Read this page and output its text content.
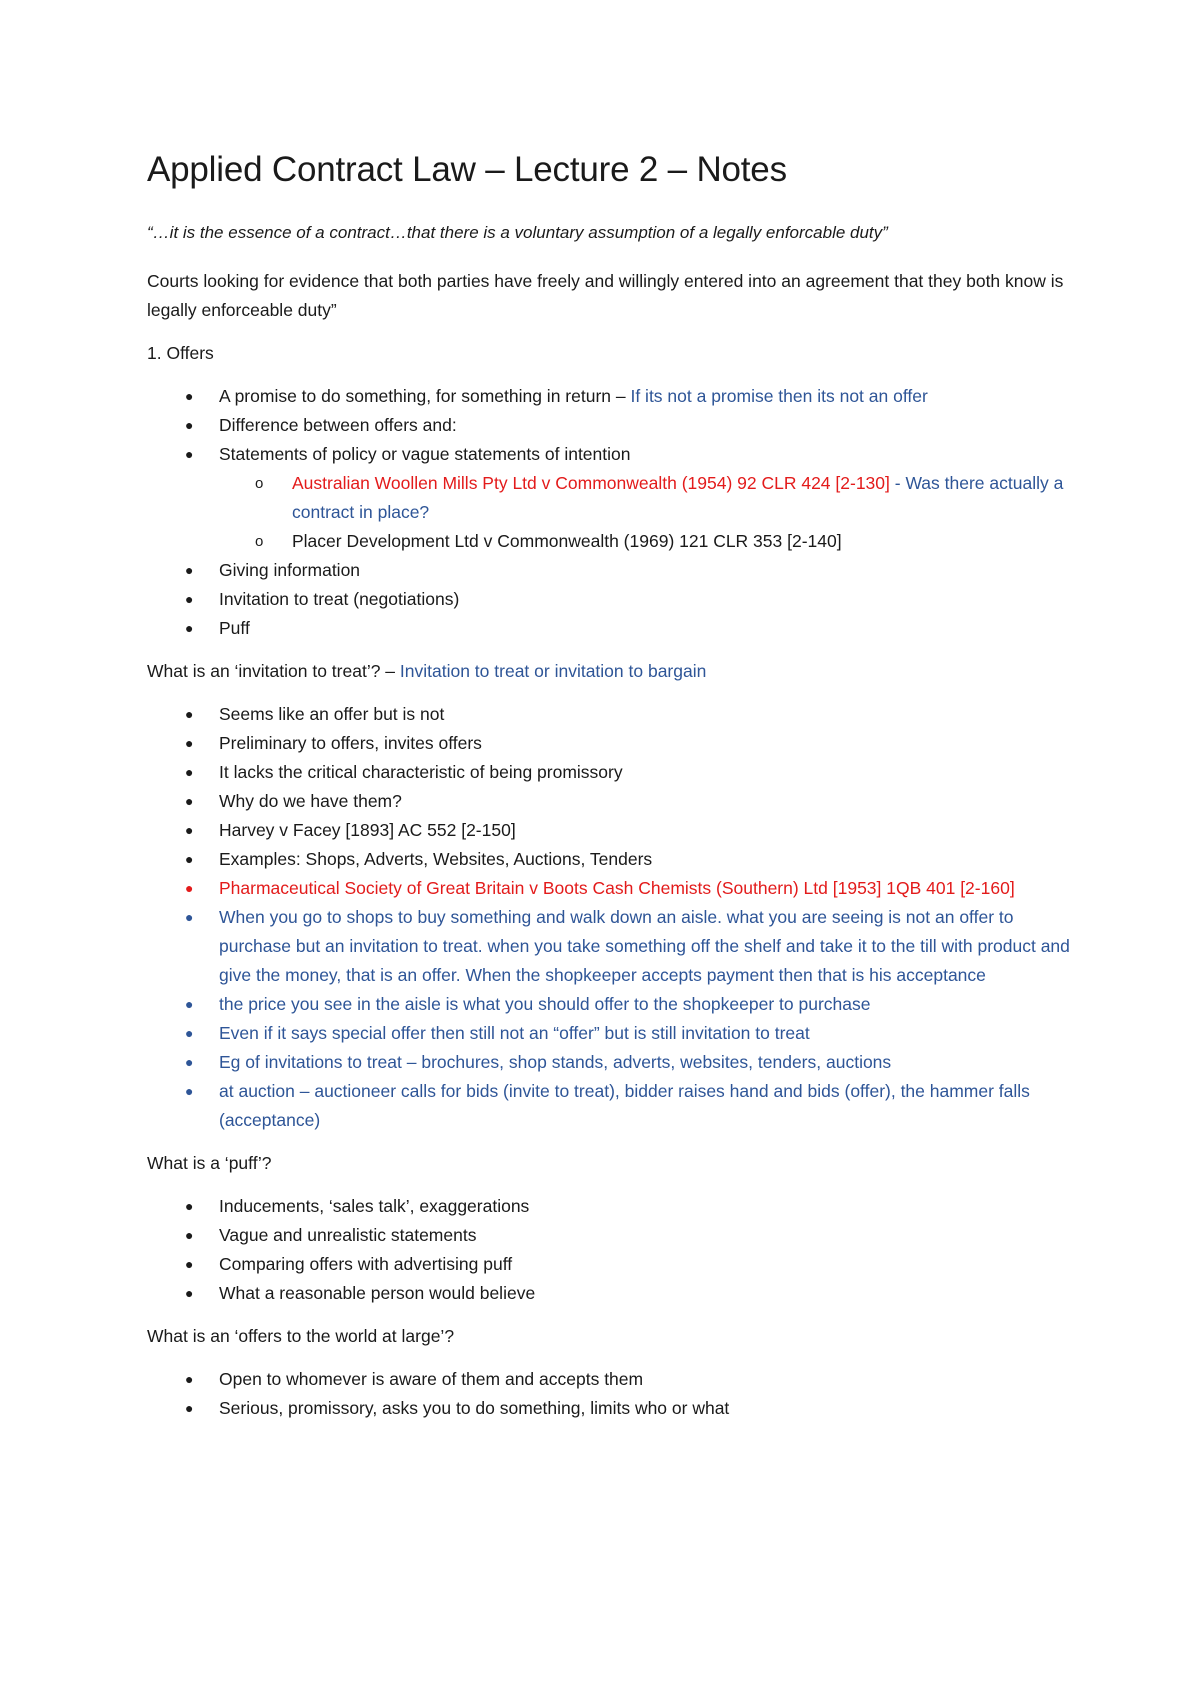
Applied Contract Law – Lecture 2 – Notes

“…it is the essence of a contract…that there is a voluntary assumption of a legally enforcable duty”

Courts looking for evidence that both parties have freely and willingly entered into an agreement that they both know is legally enforceable duty”

1. Offers

● A promise to do something, for something in return – If its not a promise then its not an offer
● Difference between offers and:
● Statements of policy or vague statements of intention
o Australian Woollen Mills Pty Ltd v Commonwealth (1954) 92 CLR 424 [2-130] - Was there actually a contract in place?
o Placer Development Ltd v Commonwealth (1969) 121 CLR 353 [2-140]
● Giving information
● Invitation to treat (negotiations)
● Puff

What is an ‘invitation to treat’? – Invitation to treat or invitation to bargain

● Seems like an offer but is not
● Preliminary to offers, invites offers
● It lacks the critical characteristic of being promissory
● Why do we have them?
● Harvey v Facey [1893] AC 552 [2-150]
● Examples: Shops, Adverts, Websites, Auctions, Tenders
● Pharmaceutical Society of Great Britain v Boots Cash Chemists (Southern) Ltd [1953] 1QB 401 [2-160]
● When you go to shops to buy something and walk down an aisle. what you are seeing is not an offer to purchase but an invitation to treat. when you take something off the shelf and take it to the till with product and give the money, that is an offer. When the shopkeeper accepts payment then that is his acceptance
● the price you see in the aisle is what you should offer to the shopkeeper to purchase
● Even if it says special offer then still not an “offer” but is still invitation to treat
● Eg of invitations to treat – brochures, shop stands, adverts, websites, tenders, auctions
● at auction – auctioneer calls for bids (invite to treat), bidder raises hand and bids (offer), the hammer falls (acceptance)

What is a ‘puff’?

● Inducements, ‘sales talk’, exaggerations
● Vague and unrealistic statements
● Comparing offers with advertising puff
● What a reasonable person would believe

What is an ‘offers to the world at large’?

● Open to whomever is aware of them and accepts them
● Serious, promissory, asks you to do something, limits who or what
